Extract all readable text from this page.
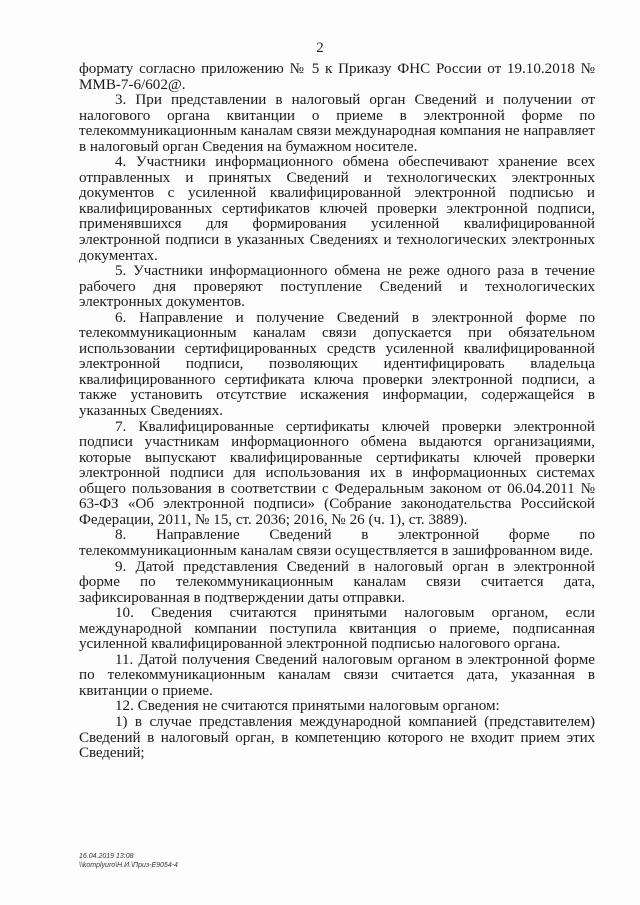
2

формату согласно приложению № 5 к Приказу ФНС России от 19.10.2018 № ММВ-7-6/602@.

3. При представлении в налоговый орган Сведений и получении от налогового органа квитанции о приеме в электронной форме по телекоммуникационным каналам связи международная компания не направляет в налоговый орган Сведения на бумажном носителе.

4. Участники информационного обмена обеспечивают хранение всех отправленных и принятых Сведений и технологических электронных документов с усиленной квалифицированной электронной подписью и квалифицированных сертификатов ключей проверки электронной подписи, применявшихся для формирования усиленной квалифицированной электронной подписи в указанных Сведениях и технологических электронных документах.

5. Участники информационного обмена не реже одного раза в течение рабочего дня проверяют поступление Сведений и технологических электронных документов.

6. Направление и получение Сведений в электронной форме по телекоммуникационным каналам связи допускается при обязательном использовании сертифицированных средств усиленной квалифицированной электронной подписи, позволяющих идентифицировать владельца квалифицированного сертификата ключа проверки электронной подписи, а также установить отсутствие искажения информации, содержащейся в указанных Сведениях.

7. Квалифицированные сертификаты ключей проверки электронной подписи участникам информационного обмена выдаются организациями, которые выпускают квалифицированные сертификаты ключей проверки электронной подписи для использования их в информационных системах общего пользования в соответствии с Федеральным законом от 06.04.2011 № 63-ФЗ «Об электронной подписи» (Собрание законодательства Российской Федерации, 2011, № 15, ст. 2036; 2016, № 26 (ч. 1), ст. 3889).

8. Направление Сведений в электронной форме по телекоммуникационным каналам связи осуществляется в зашифрованном виде.

9. Датой представления Сведений в налоговый орган в электронной форме по телекоммуникационным каналам связи считается дата, зафиксированная в подтверждении даты отправки.

10. Сведения считаются принятыми налоговым органом, если международной компании поступила квитанция о приеме, подписанная усиленной квалифицированной электронной подписью налогового органа.

11. Датой получения Сведений налоговым органом в электронной форме по телекоммуникационным каналам связи считается дата, указанная в квитанции о приеме.

12. Сведения не считаются принятыми налоговым органом:

1) в случае представления международной компанией (представителем) Сведений в налоговый орган, в компетенцию которого не входит прием этих Сведений;

16.04.2019 13:08
\\komplyuro\Н.И.\Приз-Е9054-4
